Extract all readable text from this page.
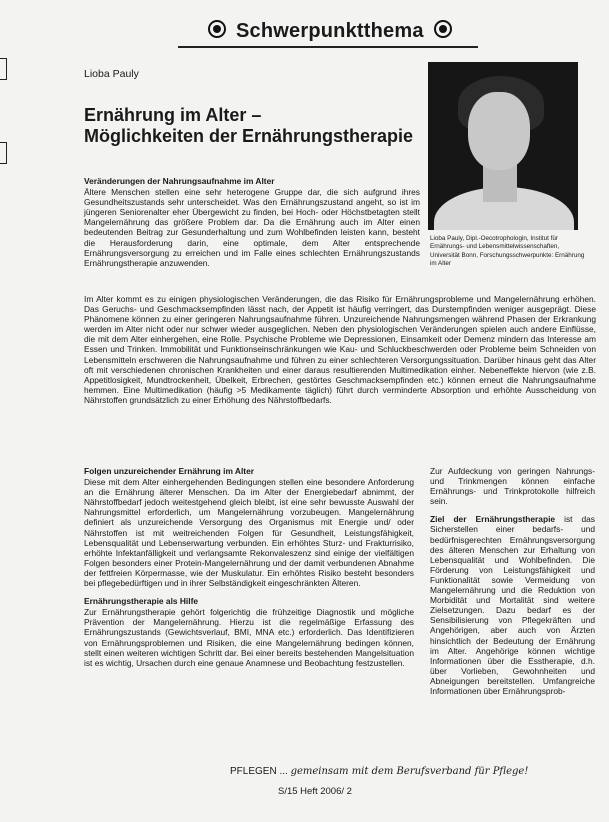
Schwerpunktthema
Lioba Pauly
Ernährung im Alter –
Möglichkeiten der Ernährungstherapie
Lioba Pauly, Dipl.-Oecotrophologin, Institut für Ernährungs- und Lebensmittelwissenschaften, Universität Bonn, Forschungsschwerpunkte: Ernährung im Alter
Veränderungen der Nahrungsaufnahme im Alter

Ältere Menschen stellen eine sehr heterogene Gruppe dar, die sich aufgrund ihres Gesundheitszustands sehr unterscheidet. Was den Ernährungszustand angeht, so ist im jüngeren Seniorenalter eher Übergewicht zu finden, bei Hoch- oder Höchstbetagten stellt Mangelernährung das größere Problem dar. Da die Ernährung auch im Alter einen bedeutenden Beitrag zur Gesunderhaltung und zum Wohlbefinden leisten kann, besteht die Herausforderung darin, eine optimale, dem Alter entsprechende Ernährungsversorgung zu erreichen und im Falle eines schlechten Ernährungszustands Ernährungstherapie anzuwenden.

Im Alter kommt es zu einigen physiologischen Veränderungen, die das Risiko für Ernährungsprobleme und Mangelernährung erhöhen. Das Geruchs- und Geschmacksempfinden lässt nach, der Appetit ist häufig verringert, das Durstempfinden weniger ausgeprägt. Diese Phänomene können zu einer geringeren Nahrungsaufnahme führen. Unzureichende Nahrungsmengen während Phasen der Erkrankung werden im Alter nicht oder nur schwer wieder ausgeglichen. Neben den physiologischen Veränderungen spielen auch andere Einflüsse, die mit dem Alter einhergehen, eine Rolle. Psychische Probleme wie Depressionen, Einsamkeit oder Demenz mindern das Interesse am Essen und Trinken. Immobilität und Funktionseinschränkungen wie Kau- und Schluckbeschwerden oder Probleme beim Schneiden von Lebensmitteln erschweren die Nahrungsaufnahme und führen zu einer schlechteren Versorgungssituation. Darüber hinaus geht das Alter oft mit verschiedenen chronischen Krankheiten und einer daraus resultierenden Multimedikation einher. Nebeneffekte hiervon (wie z.B. Appetitlosigkeit, Mundtrockenheit, Übelkeit, Erbrechen, gestörtes Geschmacksempfinden etc.) können erneut die Nahrungsaufnahme hemmen. Eine Multimedikation (häufig >5 Medikamente täglich) führt durch verminderte Absorption und erhöhte Ausscheidung von Nährstoffen grundsätzlich zu einer Erhöhung des Nährstoffbedarfs.

Folgen unzureichender Ernährung im Alter

Diese mit dem Alter einhergehenden Bedingungen stellen eine besondere Anforderung an die Ernährung älterer Menschen. Da im Alter der Energiebedarf abnimmt, der Nährstoffbedarf jedoch weitestgehend gleich bleibt, ist eine sehr bewusste Auswahl der Nahrungsmittel erforderlich, um Mangelernährung vorzubeugen. Mangelernährung definiert als unzureichende Versorgung des Organismus mit Energie und/ oder Nährstoffen ist mit weitreichenden Folgen für Gesundheit, Leistungsfähigkeit, Lebensqualität und Lebenserwartung verbunden. Ein erhöhtes Sturz- und Frakturrisiko, erhöhte Infektanfälligkeit und verlangsamte Rekonvaleszenz sind einige der vielfältigen Folgen besonders einer Protein-Mangelernährung und der damit verbundenen Abnahme der fettfreien Körpermasse, wie der Muskulatur. Ein erhöhtes Risiko besteht besonders bei pflegebedürftigen und in ihrer Selbständigkeit eingeschränkten Älteren.

Ernährungstherapie als Hilfe

Zur Ernährungstherapie gehört folgerichtig die frühzeitige Diagnostik und mögliche Prävention der Mangelernährung. Hierzu ist die regelmäßige Erfassung des Ernährungszustands (Gewichtsverlauf, BMI, MNA etc.) erforderlich. Das Identifizieren von Ernährungsproblemen und Risiken, die eine Mangelernährung bedingen können, stellt einen weiteren wichtigen Schritt dar. Bei einer bereits bestehenden Mangelsituation ist es wichtig, Ursachen durch eine genaue Anamnese und Beobachtung festzustellen.

Zur Aufdeckung von geringen Nahrungs- und Trinkmengen können einfache Ernährungs- und Trinkprotokolle hilfreich sein.

Ziel der Ernährungstherapie ist das Sicherstellen einer bedarfs- und bedürfnisgerechten Ernährungsversorgung des älteren Menschen zur Erhaltung von Lebensqualität und Wohlbefinden. Die Förderung von Leistungsfähigkeit und Funktionalität sowie Vermeidung von Mangelernährung und die Reduktion von Morbidität und Mortalität sind weitere Zielsetzungen. Dazu bedarf es der Sensibilisierung von Pflegekräften und Angehörigen, aber auch von Ärzten hinsichtlich der Bedeutung der Ernährung im Alter. Angehörige können wichtige Informationen über die Esstherapie, d.h. über Vorlieben, Gewohnheiten und Abneigungen bereitstellen. Umfangreiche Informationen über Ernährungsprob-

PFLEGEN ... gemeinsam mit dem Berufsverband für Pflege!
S/15 Heft 2006/ 2
